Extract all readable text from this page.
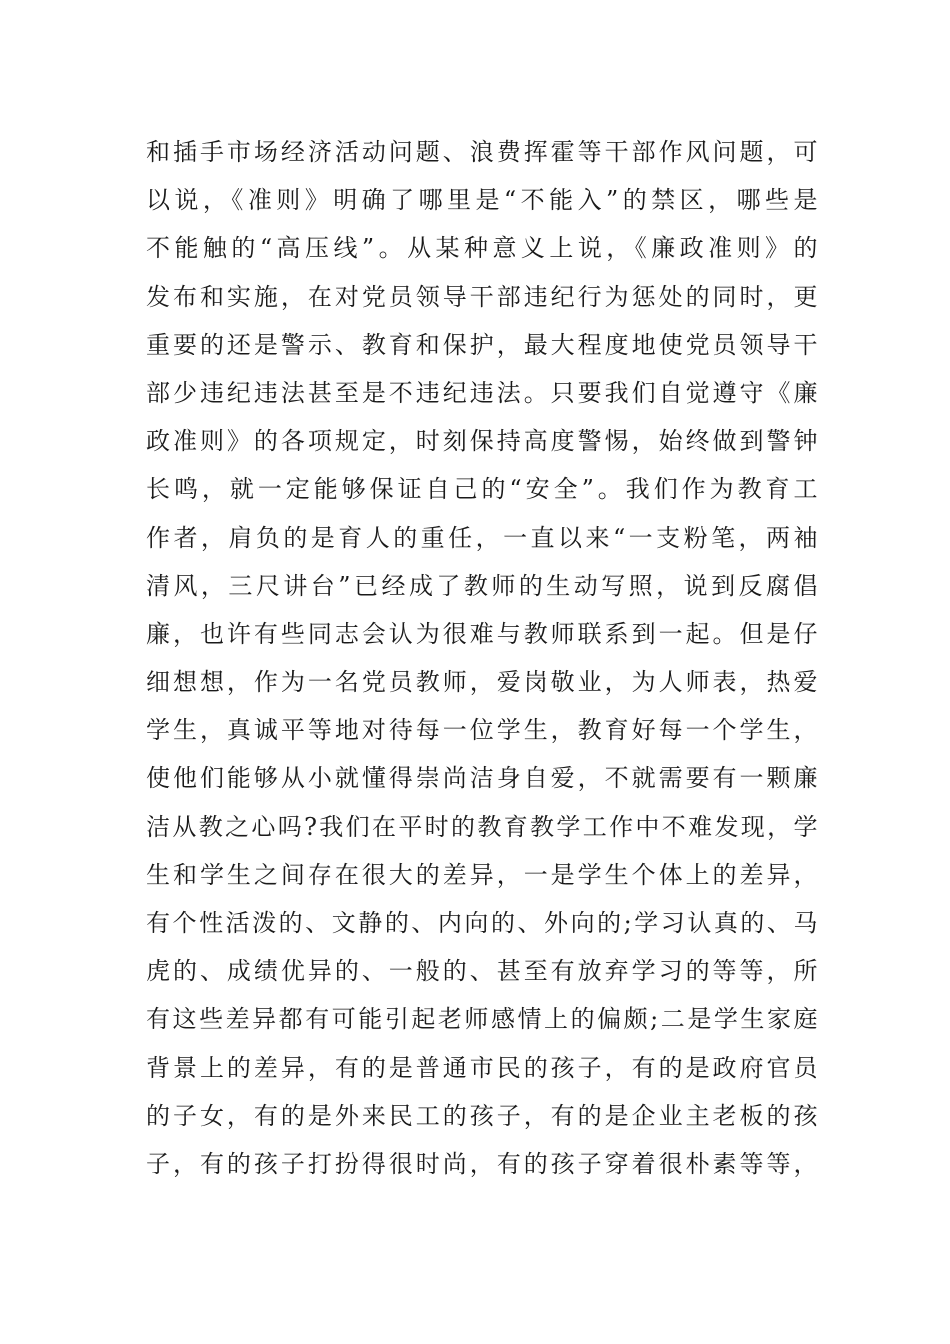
和插手市场经济活动问题、浪费挥霍等干部作风问题，可
以说，《准则》明确了哪里是“不能入”的禁区，哪些是
不能触的“高压线”。从某种意义上说，《廉政准则》的
发布和实施，在对党员领导干部违纪行为惩处的同时，更
重要的还是警示、教育和保护，最大程度地使党员领导干
部少违纪违法甚至是不违纪违法。只要我们自觉遵守《廉
政准则》的各项规定，时刻保持高度警惕，始终做到警钟
长鸣，就一定能够保证自己的“安全”。我们作为教育工
作者，肩负的是育人的重任，一直以来“一支粉笔，两袖
清风，三尺讲台”已经成了教师的生动写照，说到反腐倡
廉，也许有些同志会认为很难与教师联系到一起。但是仔
细想想，作为一名党员教师，爱岗敬业，为人师表，热爱
学生，真诚平等地对待每一位学生，教育好每一个学生，
使他们能够从小就懂得崇尚洁身自爱，不就需要有一颗廉
洁从教之心吗?我们在平时的教育教学工作中不难发现，学
生和学生之间存在很大的差异，一是学生个体上的差异，
有个性活泼的、文静的、内向的、外向的;学习认真的、马
虎的、成绩优异的、一般的、甚至有放弃学习的等等，所
有这些差异都有可能引起老师感情上的偏颇;二是学生家庭
背景上的差异，有的是普通市民的孩子，有的是政府官员
的子女，有的是外来民工的孩子，有的是企业主老板的孩
子，有的孩子打扮得很时尚，有的孩子穿着很朴素等等，
